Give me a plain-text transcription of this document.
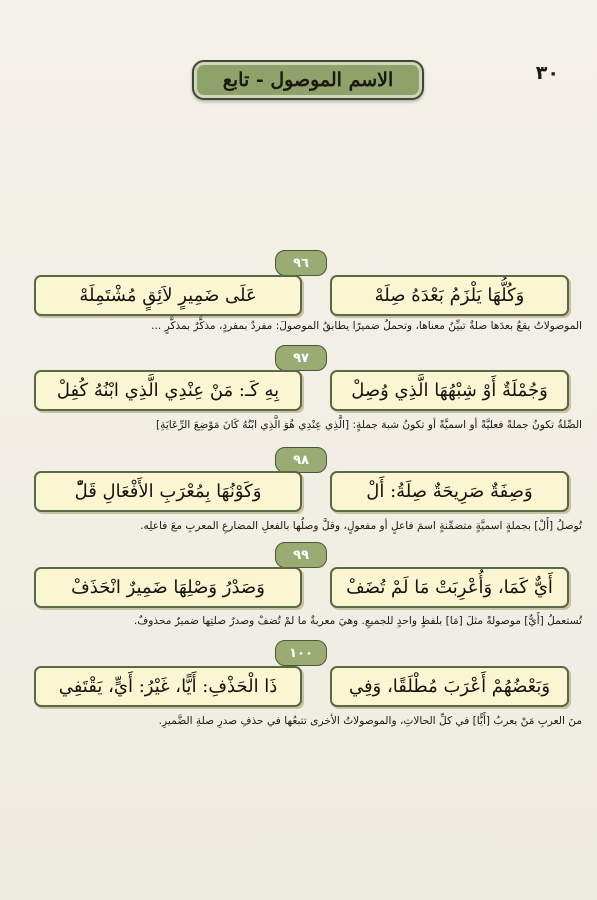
٣٠
الاسم الموصول - تابع
٩٦
وَكُلُّهَا يَلْزَمُ بَعْدَهُ صِلَهْ
عَلَى ضَمِيرٍ لاَئِقٍ مُشْتَمِلَهْ
الموصولاتُ يقعُ بعدَها صلةٌ تبيِّنُ معناها، وتحملُ ضميرًا يطابقُ الموصولَ: مفردٌ بمفردٍ، مذكَّرٌ بمذكَّرٍ ...
٩٧
وَجُمْلَةٌ أَوْ شِبْهُهَا الَّذِي وُصِلْ
بِهِ كَـ: مَنْ عِنْدِي الَّذِي ابْنُهُ كُفِلْ
الصِّلةُ تكونُ جملةً فعليَّةً أو اسميَّةً أو تكونُ شبهَ جملةٍ: [الَّذِي عِنْدِي هُوَ الَّذِي ابْنُهُ كَانَ مَوْضِعَ الرِّعَايَةِ]
٩٨
وَصِفَةٌ صَرِيحَةٌ صِلَةُ: أَلْ
وَكَوْنُهَا بِمُعْرَبِ الأَفْعَالِ قَلّْ
تُوصلُ [أَلْ] بجملةٍ اسميَّةٍ متضمِّنةٍ اسمَ فاعلٍ أو مفعولٍ، وقلَّ وصلُها بالفعلِ المضارعِ المعربِ معَ فاعلِه.
٩٩
أَيٌّ كَمَا، وَأُعْرِبَتْ مَا لَمْ تُضَفْ
وَصَدْرُ وَصْلِهَا ضَمِيرٌ انْحَذَفْ
تُستعملُ [أَيٌّ] موصولةً مثلَ [مَا] بلفظٍ واحدٍ للجميعِ. وهيَ معربةٌ ما لمْ تُضفْ وصدرُ صلتِها ضميرٌ محذوفٌ.
١٠٠
وَبَعْضُهُمْ أَعْرَبَ مُطْلَقًا، وَفِي
ذَا الْحَذْفِ: أَيًّا، غَيْرُ: أَيٍّ، يَقْتَفِي
منَ العربِ مَنْ يعربُ [أَيًّا] في كلِّ الحالاتِ، والموصولاتُ الأخرى تتبعُها في حذفِ صدرِ صلةِ الضَّميرِ.
